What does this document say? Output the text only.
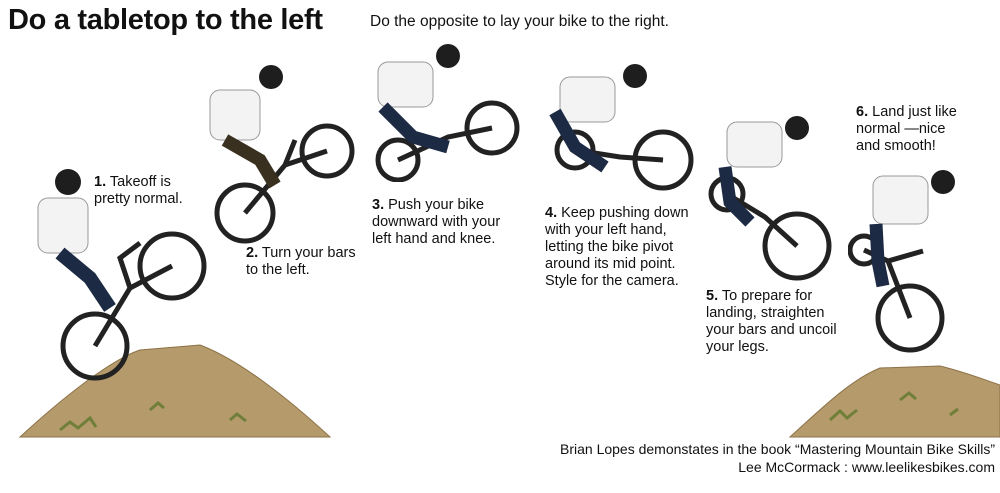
Do a tabletop to the left	Do the opposite to lay your bike to the right.
1. Takeoff is pretty normal.
2. Turn your bars to the left.
3. Push your bike downward with your left hand and knee.
4. Keep pushing down with your left hand, letting the bike pivot around its mid point. Style for the camera.
5. To prepare for landing, straighten your bars and uncoil your legs.
6. Land just like normal —nice and smooth!
Brian Lopes demonstates in the book “Mastering Mountain Bike Skills”
Lee McCormack : www.leelikesbikes.com
